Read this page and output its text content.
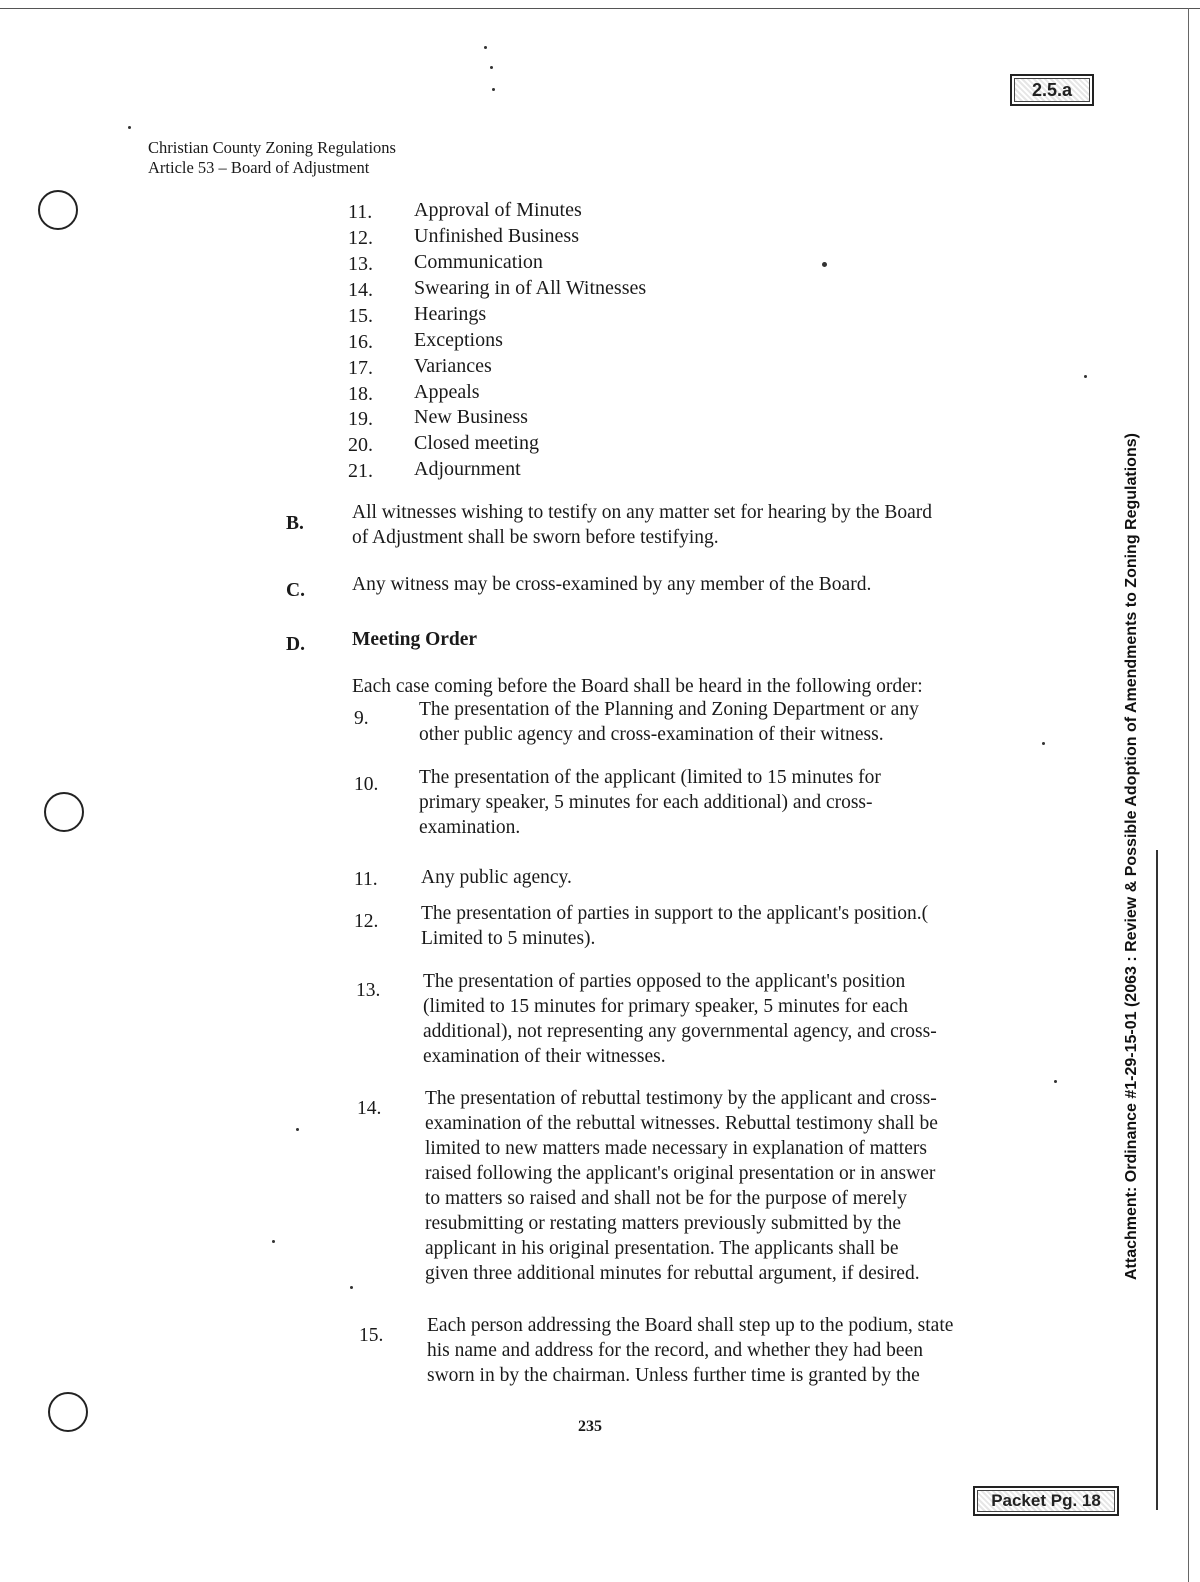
2.5.a
Christian County Zoning Regulations
Article 53 – Board of Adjustment
11. Approval of Minutes
12. Unfinished Business
13. Communication
14. Swearing in of All Witnesses
15. Hearings
16. Exceptions
17. Variances
18. Appeals
19. New Business
20. Closed meeting
21. Adjournment
B.
All witnesses wishing to testify on any matter set for hearing by the Board
of Adjustment shall be sworn before testifying.
C. Any witness may be cross-examined by any member of the Board.
D. Meeting Order
Each case coming before the Board shall be heard in the following order:
9.	The presentation of the Planning and Zoning Department or any
other public agency and cross-examination of their witness.
10. The presentation of the applicant (limited to 15 minutes for
primary speaker, 5 minutes for each additional) and cross-
examination.
11. Any public agency.
12. The presentation of parties in support to the applicant's position.(
Limited to 5 minutes).
13. The presentation of parties opposed to the applicant's position
(limited to 15 minutes for primary speaker, 5 minutes for each
additional), not representing any governmental agency, and cross-
examination of their witnesses.
14. The presentation of rebuttal testimony by the applicant and cross-
examination of the rebuttal witnesses. Rebuttal testimony shall be
limited to new matters made necessary in explanation of matters
raised following the applicant's original presentation or in answer
to matters so raised and shall not be for the purpose of merely
resubmitting or restating matters previously submitted by the
applicant in his original presentation. The applicants shall be
given three additional minutes for rebuttal argument, if desired.
15. Each person addressing the Board shall step up to the podium, state
his name and address for the record, and whether they had been
sworn in by the chairman. Unless further time is granted by the
235
Packet Pg. 18
Attachment: Ordinance #1-29-15-01 (2063 : Review & Possible Adoption of Amendments to Zoning Regulations)
